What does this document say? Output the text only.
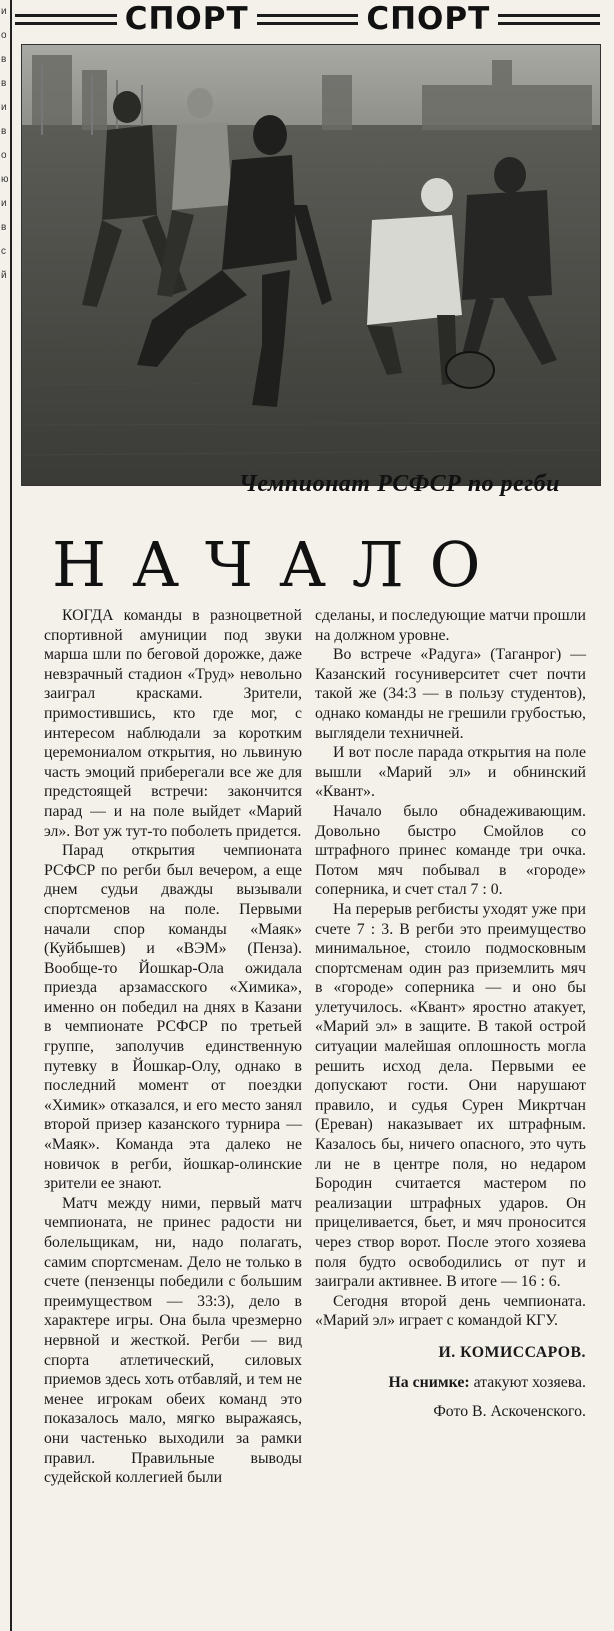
и
о
в
в
и
в
о
ю
и
в
с
й
СПОРТ	СПОРТ
Чемпионат РСФСР по регби
НАЧАЛО

КОГДА команды в разноцветной спортивной амуниции под звуки марша шли по беговой дорожке, даже невзрачный стадион «Труд» невольно заиграл красками. Зрители, примостившись, кто где мог, с интересом наблюдали за коротким церемониалом открытия, но львиную часть эмоций приберегали все же для предстоящей встречи: закончится парад — и на поле выйдет «Марий эл». Вот уж тут-то поболеть придется.

Парад открытия чемпионата РСФСР по регби был вечером, а еще днем судьи дважды вызывали спортсменов на поле. Первыми начали спор команды «Маяк» (Куйбышев) и «ВЭМ» (Пенза). Вообще-то Йошкар-Ола ожидала приезда арзамасского «Химика», именно он победил на днях в Казани в чемпионате РСФСР по третьей группе, заполучив единственную путевку в Йошкар-Олу, однако в последний момент от поездки «Химик» отказался, и его место занял второй призер казанского турнира — «Маяк». Команда эта далеко не новичок в регби, йошкар-олинские зрители ее знают.

Матч между ними, первый матч чемпионата, не принес радости ни болельщикам, ни, надо полагать, самим спортсменам. Дело не только в счете (пензенцы победили с большим преимуществом — 33:3), дело в характере игры. Она была чрезмерно нервной и жесткой. Регби — вид спорта атлетический, силовых приемов здесь хоть отбавляй, и тем не менее игрокам обеих команд это показалось мало, мягко выражаясь, они частенько выходили за рамки правил. Правильные выводы судейской коллегией были

сделаны, и последующие матчи прошли на должном уровне.

Во встрече «Радуга» (Таганрог) — Казанский госуниверситет счет почти такой же (34:3 — в пользу студентов), однако команды не грешили грубостью, выглядели техничней.

И вот после парада открытия на поле вышли «Марий эл» и обнинский «Квант».

Начало было обнадеживающим. Довольно быстро Смойлов со штрафного принес команде три очка. Потом мяч побывал в «городе» соперника, и счет стал 7 : 0.

На перерыв регбисты уходят уже при счете 7 : 3. В регби это преимущество минимальное, стоило подмосковным спортсменам один раз приземлить мяч в «городе» соперника — и оно бы улетучилось. «Квант» яростно атакует, «Марий эл» в защите. В такой острой ситуации малейшая оплошность могла решить исход дела. Первыми ее допускают гости. Они нарушают правило, и судья Сурен Микртчан (Ереван) наказывает их штрафным. Казалось бы, ничего опасного, это чуть ли не в центре поля, но недаром Бородин считается мастером по реализации штрафных ударов. Он прицеливается, бьет, и мяч проносится через створ ворот. После этого хозяева поля будто освободились от пут и заиграли активнее. В итоге — 16 : 6.

Сегодня второй день чемпионата. «Марий эл» играет с командой КГУ.

И. КОМИССАРОВ.

На снимке: атакуют хозяева.

Фото В. Аскоченского.
